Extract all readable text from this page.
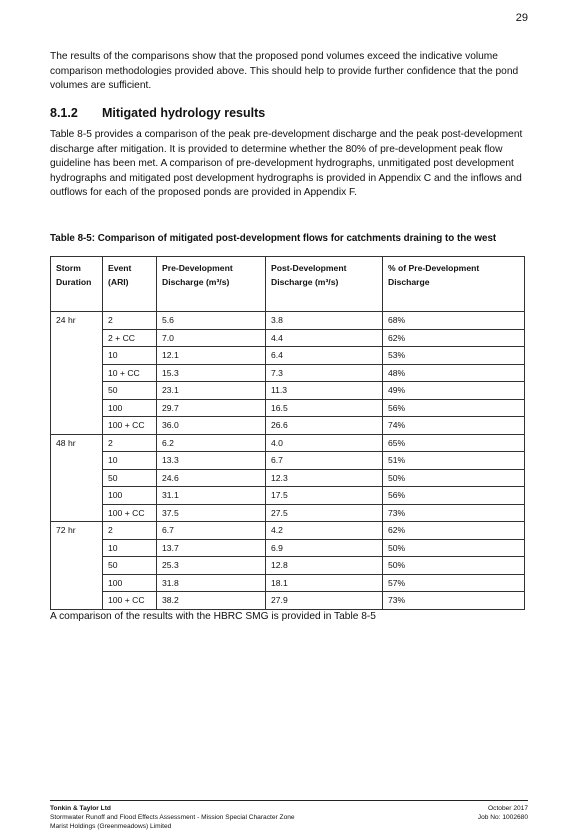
29

The results of the comparisons show that the proposed pond volumes exceed the indicative volume comparison methodologies provided above. This should help to provide further confidence that the pond volumes are sufficient.

8.1.2 Mitigated hydrology results

Table 8-5 provides a comparison of the peak pre-development discharge and the peak post-development discharge after mitigation. It is provided to determine whether the 80% of pre-development peak flow guideline has been met. A comparison of pre-development hydrographs, unmitigated post development hydrographs and mitigated post development hydrographs is provided in Appendix C and the inflows and outflows for each of the proposed ponds are provided in Appendix F.

Table 8-5: Comparison of mitigated post-development flows for catchments draining to the west

Storm Duration	Event (ARI)	Pre-Development Discharge (m³/s)	Post-Development Discharge (m³/s)	% of Pre-Development Discharge
24 hr	2	5.6	3.8	68%
	2 + CC	7.0	4.4	62%
	10	12.1	6.4	53%
	10 + CC	15.3	7.3	48%
	50	23.1	11.3	49%
	100	29.7	16.5	56%
	100 + CC	36.0	26.6	74%
48 hr	2	6.2	4.0	65%
	10	13.3	6.7	51%
	50	24.6	12.3	50%
	100	31.1	17.5	56%
	100 + CC	37.5	27.5	73%
72 hr	2	6.7	4.2	62%
	10	13.7	6.9	50%
	50	25.3	12.8	50%
	100	31.8	18.1	57%
	100 + CC	38.2	27.9	73%

A comparison of the results with the HBRC SMG is provided in Table 8-5

Tonkin & Taylor Ltd
Stormwater Runoff and Flood Effects Assessment - Mission Special Character Zone
Marist Holdings (Greenmeadows) Limited
October 2017
Job No: 1002680
